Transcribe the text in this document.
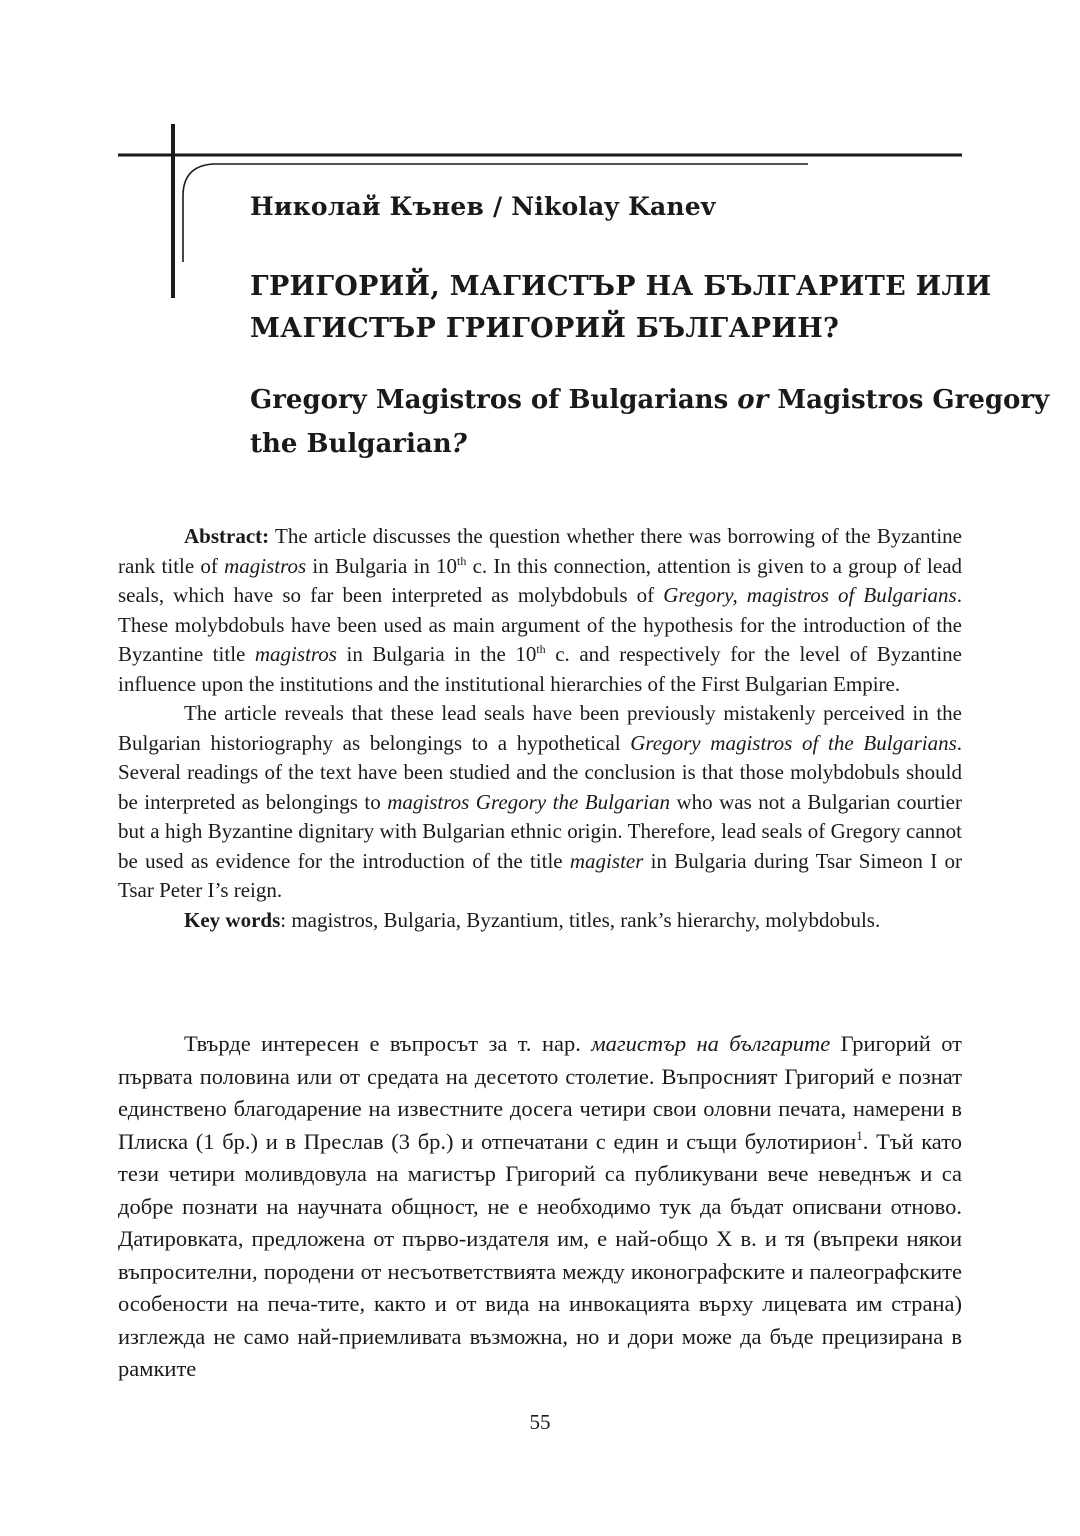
Николай Кънев / Nikolay Kanev
ГРИГОРИЙ, МАГИСТЪР НА БЪЛГАРИТЕ ИЛИ
МАГИСТЪР ГРИГОРИЙ БЪЛГАРИН?
Gregory Magistros of Bulgarians or Magistros Gregory
the Bulgarian?

Abstract: The article discusses the question whether there was borrowing of the Byzantine rank title of magistros in Bulgaria in 10th c. In this connection, attention is given to a group of lead seals, which have so far been interpreted as molybdobuls of Gregory, magistros of Bulgarians. These molybdobuls have been used as main argument of the hypothesis for the introduction of the Byzantine title magistros in Bulgaria in the 10th c. and respectively for the level of Byzantine influence upon the institutions and the institutional hierarchies of the First Bulgarian Empire.

The article reveals that these lead seals have been previously mistakenly perceived in the Bulgarian historiography as belongings to a hypothetical Gregory magistros of the Bulgarians. Several readings of the text have been studied and the conclusion is that those molybdobuls should be interpreted as belongings to magistros Gregory the Bulgarian who was not a Bulgarian courtier but a high Byzantine dignitary with Bulgarian ethnic origin. Therefore, lead seals of Gregory cannot be used as evidence for the introduction of the title magister in Bulgaria during Tsar Simeon I or Tsar Peter I’s reign.

Key words: magistros, Bulgaria, Byzantium, titles, rank’s hierarchy, molybdobuls.

Твърде интересен е въпросът за т. нар. магистър на българите Григорий от първата половина или от средата на десетото столетие. Въпросният Григорий е познат единствено благодарение на известните досега четири свои оловни печата, намерени в Плиска (1 бр.) и в Преслав (3 бр.) и отпечатани с един и същи булотирион$^1$. Тъй като тези четири моливдовула на магистър Григорий са публикувани вече неведнъж и са добре познати на научната общност, не е необходимо тук да бъдат описвани отново. Датировката, предложена от първо-издателя им, е най-общо X в. и тя (въпреки някои въпросителни, породени от несъответствията между иконографските и палеографските особености на печа-тите, както и от вида на инвокацията върху лицевата им страна) изглежда не само най-приемливата възможна, но и дори може да бъде прецизирана в рамките

55
